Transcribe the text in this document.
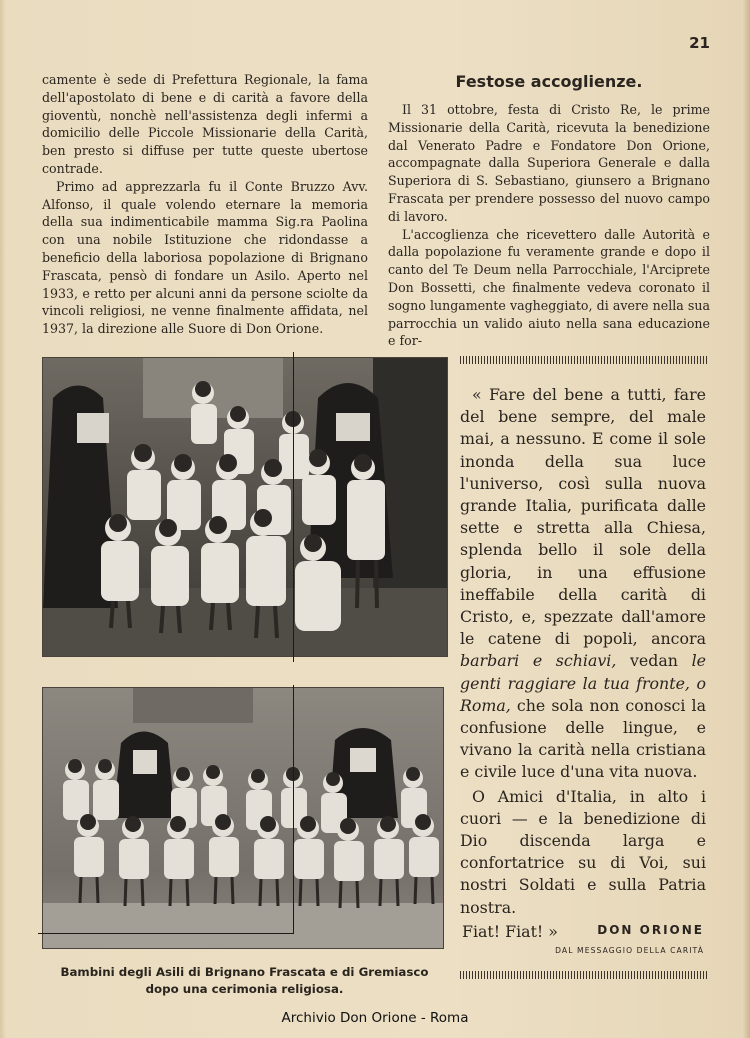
21

camente è sede di Prefettura Regionale, la fama dell'apostolato di bene e di carità a favore della gioventù, nonchè nell'assistenza degli infermi a domicilio delle Piccole Missionarie della Carità, ben presto si diffuse per tutte queste ubertose contrade.

Primo ad apprezzarla fu il Conte Bruzzo Avv. Alfonso, il quale volendo eternare la memoria della sua indimenticabile mamma Sig.ra Paolina con una nobile Istituzione che ridondasse a beneficio della laboriosa popolazione di Brignano Frascata, pensò di fondare un Asilo. Aperto nel 1933, e retto per alcuni anni da persone sciolte da vincoli religiosi, ne venne finalmente affidata, nel 1937, la direzione alle Suore di Don Orione.

Festose accoglienze.

Il 31 ottobre, festa di Cristo Re, le prime Missionarie della Carità, ricevuta la benedizione dal Venerato Padre e Fondatore Don Orione, accompagnate dalla Superiora Generale e dalla Superiora di S. Sebastiano, giunsero a Brignano Frascata per prendere possesso del nuovo campo di lavoro.

L'accoglienza che ricevettero dalle Autorità e dalla popolazione fu veramente grande e dopo il canto del Te Deum nella Parrocchiale, l'Arciprete Don Bossetti, che finalmente vedeva coronato il sogno lungamente vagheggiato, di avere nella sua parrocchia un valido aiuto nella sana educazione e for-

Bambini degli Asili di Brignano Frascata e di Gremiasco
dopo una cerimonia religiosa.

« Fare del bene a tutti, fare del bene sempre, del male mai, a nessuno. E come il sole inonda della sua luce l'universo, così sulla nuova grande Italia, purificata dalle sette e stretta alla Chiesa, splenda bello il sole della gloria, in una effusione ineffabile della carità di Cristo, e, spezzate dall'amore le catene di popoli, ancora barbari e schiavi, vedan le genti raggiare la tua fronte, o Roma, che sola non conosci la confusione delle lingue, e vivano la carità nella cristiana e civile luce d'una vita nuova.

O Amici d'Italia, in alto i cuori — e la benedizione di Dio discenda larga e confortatrice su di Voi, sui nostri Soldati e sulla Patria nostra.

Fiat! Fiat! »	DON ORIONE
DAL MESSAGGIO DELLA CARITÀ
Archivio Don Orione - Roma
